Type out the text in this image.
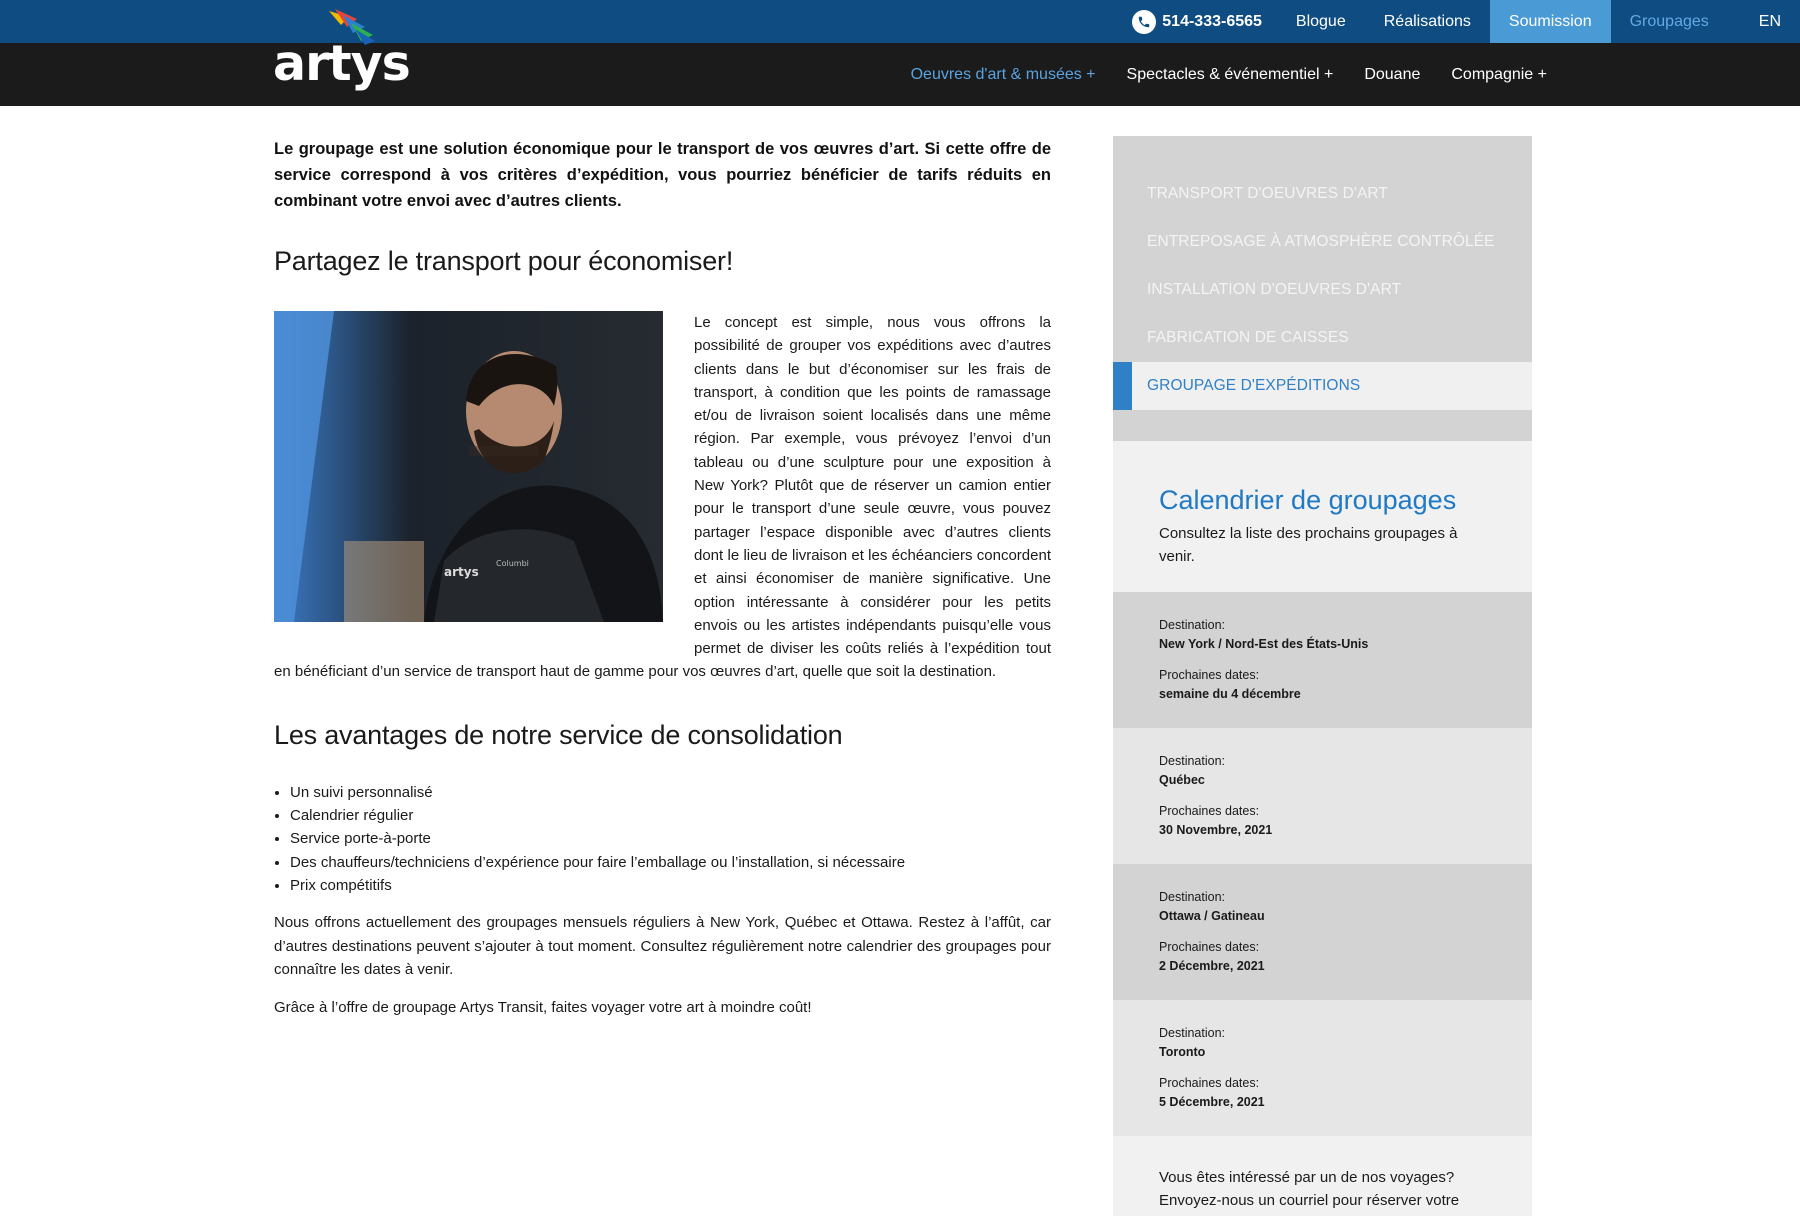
514-333-6565	Blogue	Réalisations	Soumission	Groupages	EN
Oeuvres d'art & musées + Spectacles & événementiel + Douane Compagnie +
artys

Le groupage est une solution économique pour le transport de vos œuvres d’art. Si cette offre de service correspond à vos critères d’expédition, vous pourriez bénéficier de tarifs réduits en combinant votre envoi avec d’autres clients.

Partagez le transport pour économiser!
artys
Columbi

Le concept est simple, nous vous offrons la possibilité de grouper vos expéditions avec d’autres clients dans le but d’économiser sur les frais de transport, à condition que les points de ramassage et/ou de livraison soient localisés dans une même région. Par exemple, vous prévoyez l’envoi d’un tableau ou d’une sculpture pour une exposition à New York? Plutôt que de réserver un camion entier pour le transport d’une seule œuvre, vous pouvez partager l’espace disponible avec d’autres clients dont le lieu de livraison et les échéanciers concordent et ainsi économiser de manière significative. Une option intéressante à considérer pour les petits envois ou les artistes indépendants puisqu’elle vous permet de diviser les coûts reliés à l’expédition tout en bénéficiant d’un service de transport haut de gamme pour vos œuvres d’art, quelle que soit la destination.

Les avantages de notre service de consolidation
• Un suivi personnalisé
• Calendrier régulier
• Service porte-à-porte
• Des chauffeurs/techniciens d’expérience pour faire l’emballage ou l’installation, si nécessaire
• Prix compétitifs

Nous offrons actuellement des groupages mensuels réguliers à New York, Québec et Ottawa. Restez à l’affût, car d’autres destinations peuvent s’ajouter à tout moment. Consultez régulièrement notre calendrier des groupages pour connaître les dates à venir.

Grâce à l’offre de groupage Artys Transit, faites voyager votre art à moindre coût!

TRANSPORT D'OEUVRES D'ART
ENTREPOSAGE À ATMOSPHÈRE CONTRÔLÉE
INSTALLATION D'OEUVRES D'ART
FABRICATION DE CAISSES
GROUPAGE D'EXPÉDITIONS
Calendrier de groupages
Consultez la liste des prochains groupages à venir.
Destination:
New York / Nord-Est des États-Unis
Prochaines dates:
semaine du 4 décembre
Destination:
Québec
Prochaines dates:
30 Novembre, 2021
Destination:
Ottawa / Gatineau
Prochaines dates:
2 Décembre, 2021
Destination:
Toronto
Prochaines dates:
5 Décembre, 2021
Vous êtes intéressé par un de nos voyages? Envoyez-nous un courriel pour réserver votre
